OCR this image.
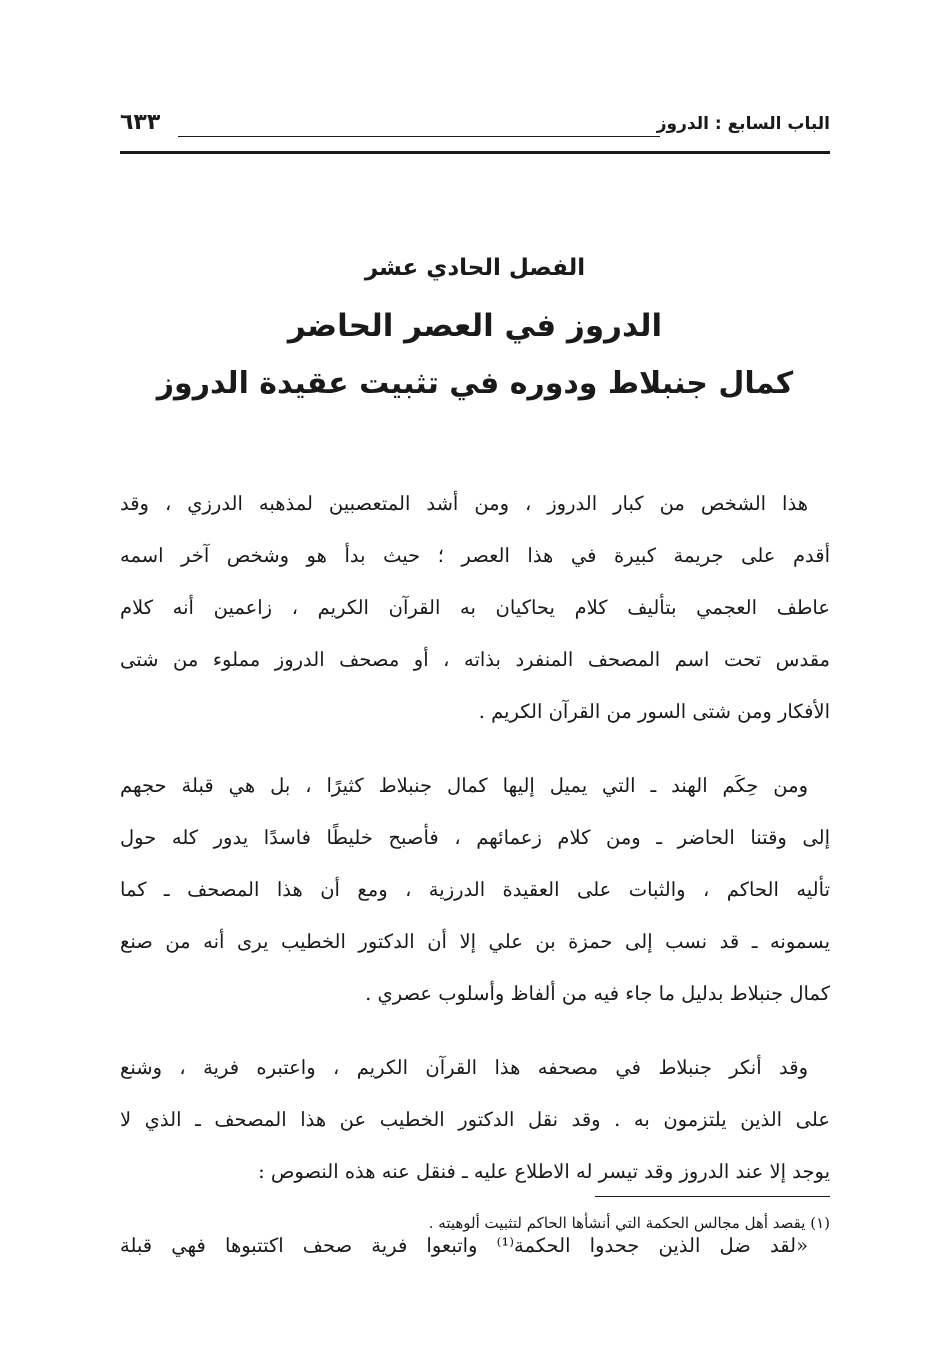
الباب السابع : الدروز
٦٣٣
الفصل الحادي عشر
الدروز في العصر الحاضر
كمال جنبلاط ودوره في تثبيت عقيدة الدروز
هذا الشخص من كبار الدروز ، ومن أشد المتعصبين لمذهبه الدرزي ، وقد
أقدم على جريمة كبيرة في هذا العصر ؛ حيث بدأ هو وشخص آخر اسمه
عاطف العجمي بتأليف كلام يحاكيان به القرآن الكريم ، زاعمين أنه كلام
مقدس تحت اسم المصحف المنفرد بذاته ، أو مصحف الدروز مملوء من شتى
الأفكار ومن شتى السور من القرآن الكريم .
ومن حِكَم الهند ـ التي يميل إليها كمال جنبلاط كثيرًا ، بل هي قبلة حجهم
إلى وقتنا الحاضر ـ ومن كلام زعمائهم ، فأصبح خليطًا فاسدًا يدور كله حول
تأليه الحاكم ، والثبات على العقيدة الدرزية ، ومع أن هذا المصحف ـ كما
يسمونه ـ قد نسب إلى حمزة بن علي إلا أن الدكتور الخطيب يرى أنه من صنع
كمال جنبلاط بدليل ما جاء فيه من ألفاظ وأسلوب عصري .
وقد أنكر جنبلاط في مصحفه هذا القرآن الكريم ، واعتبره فرية ، وشنع
على الذين يلتزمون به . وقد نقل الدكتور الخطيب عن هذا المصحف ـ الذي لا
يوجد إلا عند الدروز وقد تيسر له الاطلاع عليه ـ فنقل عنه هذه النصوص :
«لقد ضل الذين جحدوا الحكمة⁽¹⁾ واتبعوا فرية صحف اكتتبوها فهي قبلة
(١) يقصد أهل مجالس الحكمة التي أنشأها الحاكم لتثبيت ألوهيته .
